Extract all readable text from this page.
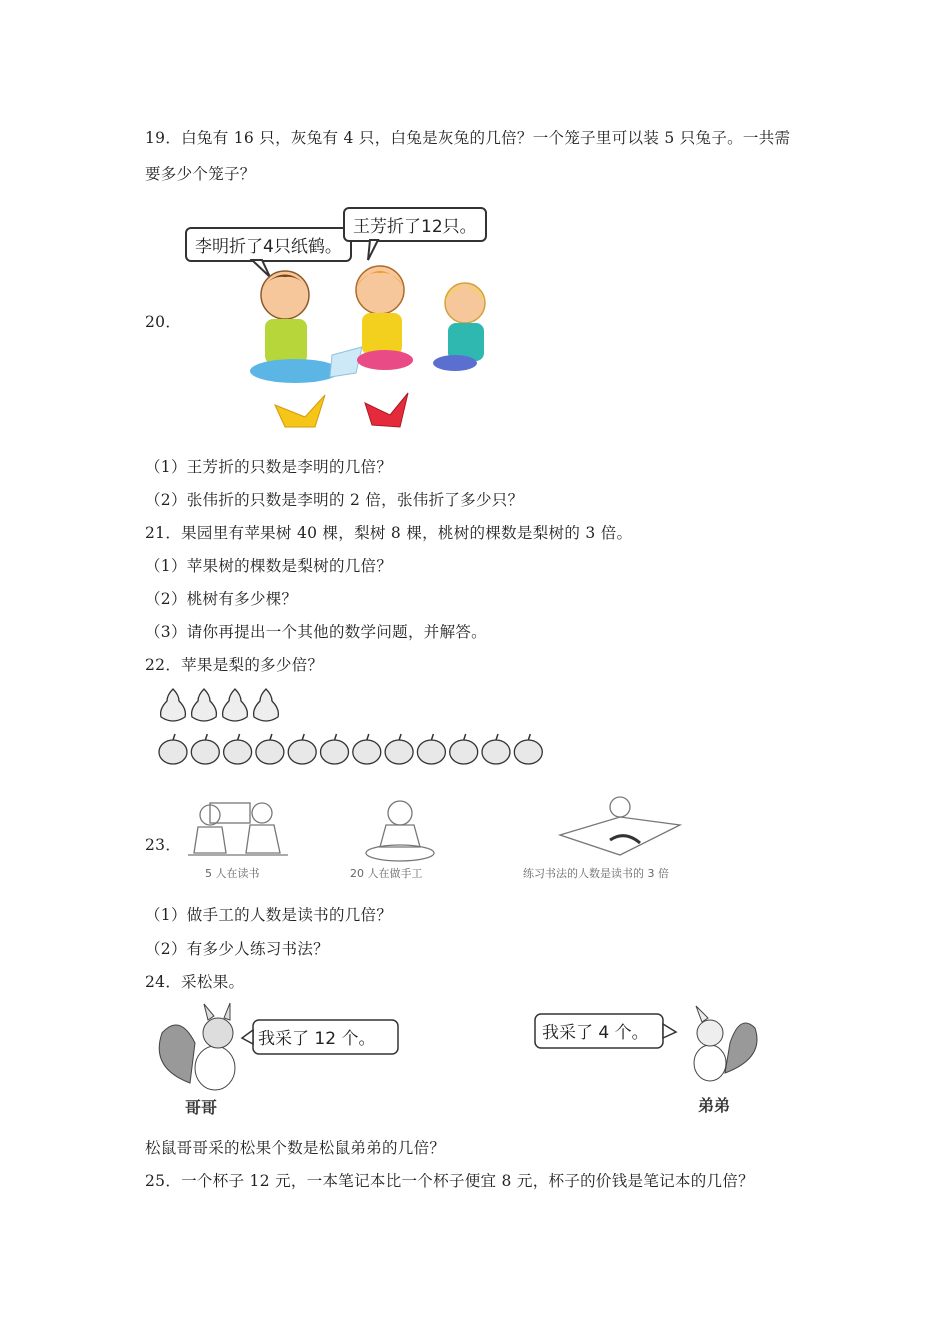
19．白兔有 16 只，灰兔有 4 只，白兔是灰兔的几倍？一个笼子里可以装 5 只兔子。一共需
要多少个笼子？
20．
李明折了4只纸鹤。
王芳折了12只。
（1）王芳折的只数是李明的几倍？
（2）张伟折的只数是李明的 2 倍，张伟折了多少只？
21．果园里有苹果树 40 棵，梨树 8 棵，桃树的棵数是梨树的 3 倍。
（1）苹果树的棵数是梨树的几倍？
（2）桃树有多少棵？
（3）请你再提出一个其他的数学问题，并解答。
22．苹果是梨的多少倍？
23．
5 人在读书	20 人在做手工	练习书法的人数是读书的 3 倍
（1）做手工的人数是读书的几倍？
（2）有多少人练习书法？
24．采松果。
我采了 12 个。	我采了 4 个。
哥哥	弟弟
松鼠哥哥采的松果个数是松鼠弟弟的几倍？
25．一个杯子 12 元，一本笔记本比一个杯子便宜 8 元，杯子的价钱是笔记本的几倍？
